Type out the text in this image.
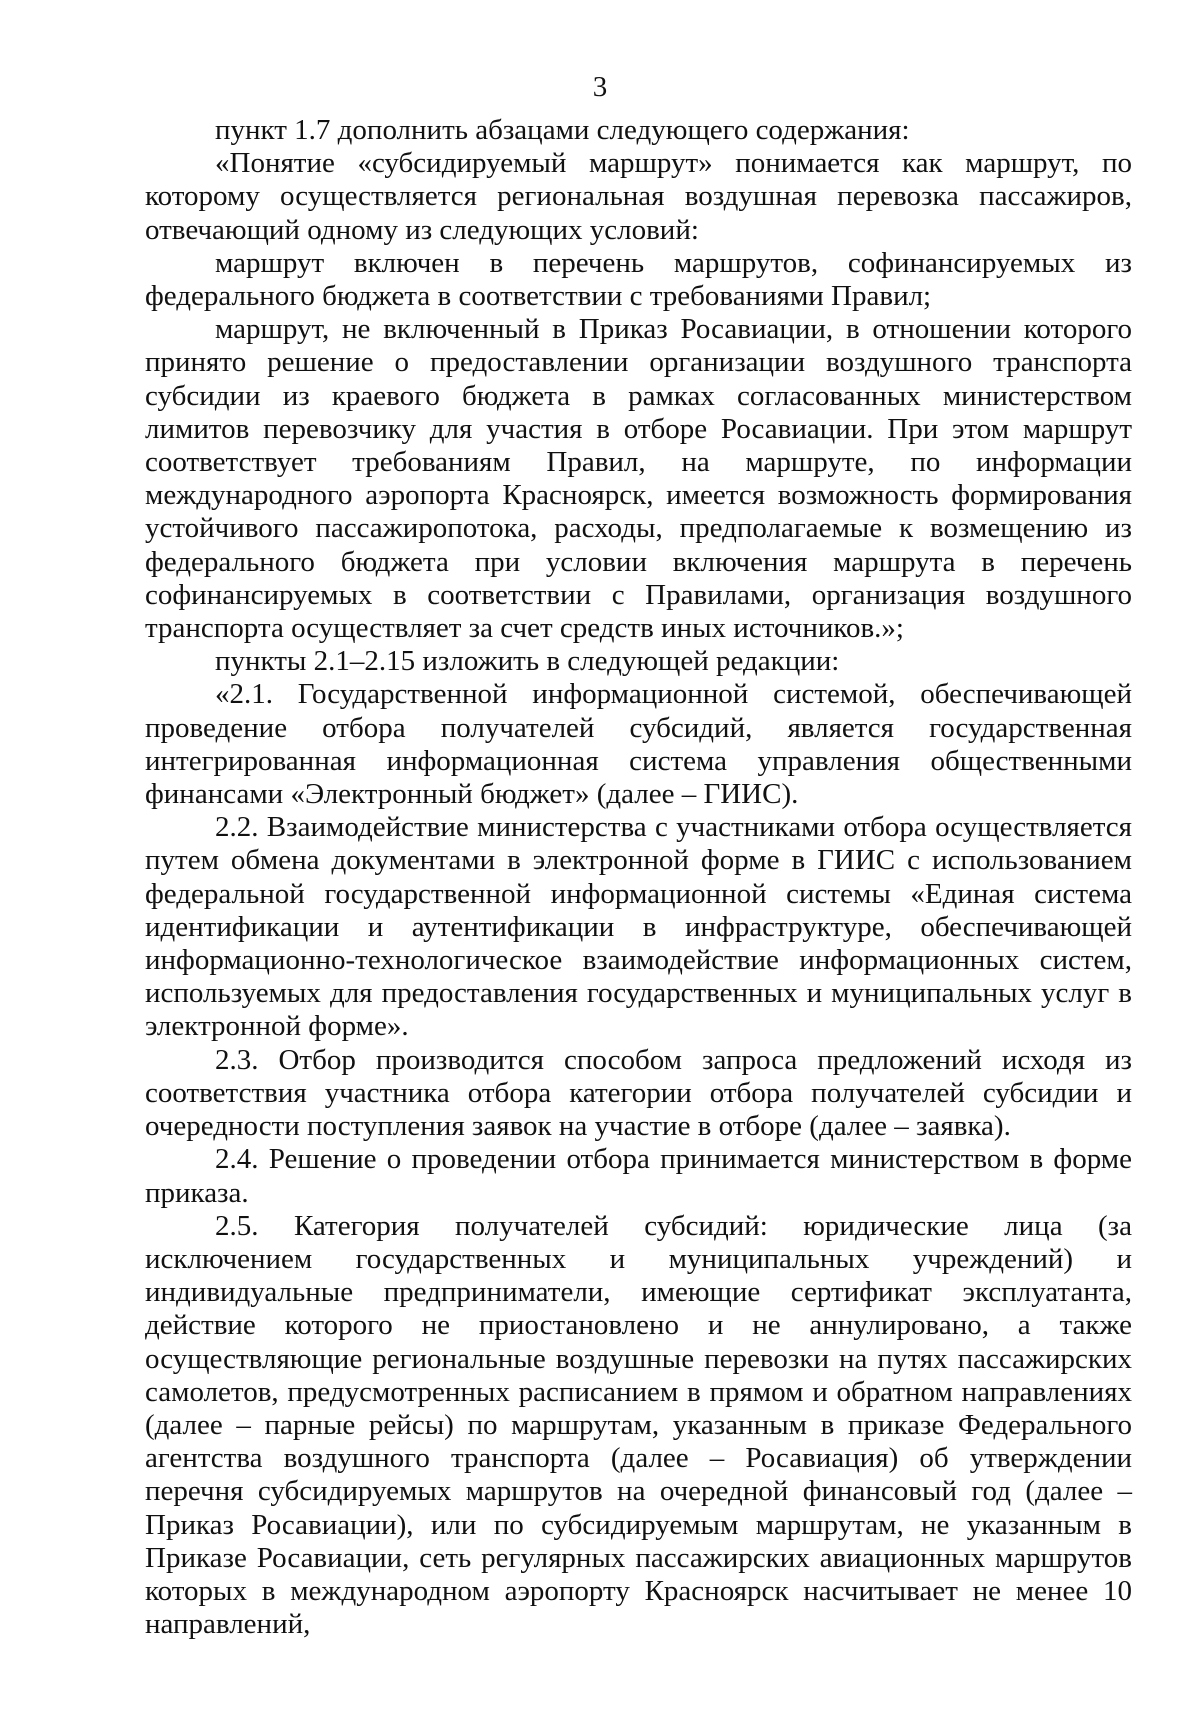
3

пункт 1.7 дополнить абзацами следующего содержания:

«Понятие «субсидируемый маршрут» понимается как маршрут, по которому осуществляется региональная воздушная перевозка пассажиров, отвечающий одному из следующих условий:

маршрут включен в перечень маршрутов, софинансируемых из федерального бюджета в соответствии с требованиями Правил;

маршрут, не включенный в Приказ Росавиации, в отношении которого принято решение о предоставлении организации воздушного транспорта субсидии из краевого бюджета в рамках согласованных министерством лимитов перевозчику для участия в отборе Росавиации. При этом маршрут соответствует требованиям Правил, на маршруте, по информации международного аэропорта Красноярск, имеется возможность формирования устойчивого пассажиропотока, расходы, предполагаемые к возмещению из федерального бюджета при условии включения маршрута в перечень софинансируемых в соответствии с Правилами, организация воздушного транспорта осуществляет за счет средств иных источников.»;

пункты 2.1–2.15 изложить в следующей редакции:

«2.1. Государственной информационной системой, обеспечивающей проведение отбора получателей субсидий, является государственная интегрированная информационная система управления общественными финансами «Электронный бюджет» (далее – ГИИС).

2.2. Взаимодействие министерства с участниками отбора осуществляется путем обмена документами в электронной форме в ГИИС с использованием федеральной государственной информационной системы «Единая система идентификации и аутентификации в инфраструктуре, обеспечивающей информационно-технологическое взаимодействие информационных систем, используемых для предоставления государственных и муниципальных услуг в электронной форме».

2.3. Отбор производится способом запроса предложений исходя из соответствия участника отбора категории отбора получателей субсидии и очередности поступления заявок на участие в отборе (далее – заявка).

2.4. Решение о проведении отбора принимается министерством в форме приказа.

2.5. Категория получателей субсидий: юридические лица (за исключением государственных и муниципальных учреждений) и индивидуальные предприниматели, имеющие сертификат эксплуатанта, действие которого не приостановлено и не аннулировано, а также осуществляющие региональные воздушные перевозки на путях пассажирских самолетов, предусмотренных расписанием в прямом и обратном направлениях (далее – парные рейсы) по маршрутам, указанным в приказе Федерального агентства воздушного транспорта (далее – Росавиация) об утверждении перечня субсидируемых маршрутов на очередной финансовый год (далее – Приказ Росавиации), или по субсидируемым маршрутам, не указанным в Приказе Росавиации, сеть регулярных пассажирских авиационных маршрутов которых в международном аэропорту Красноярск насчитывает не менее 10 направлений,
